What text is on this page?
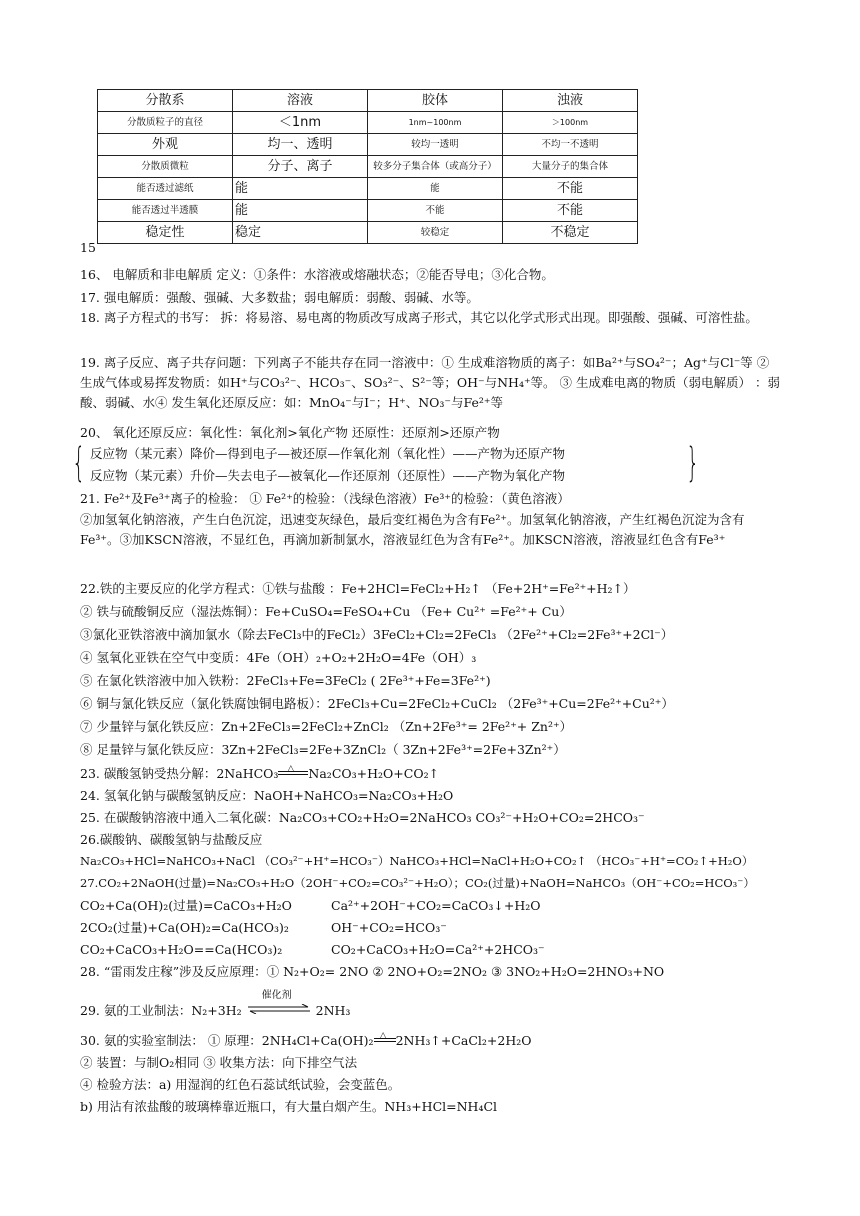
分散系	溶液	胶体	浊液
分散质粒子的直径	＜1nm	1nm~100nm	＞100nm
外观	均一、透明	较均一透明	不均一不透明
分散质微粒	分子、离子	较多分子集合体（或高分子）	大量分子的集合体
能否透过滤纸	能	能	不能
能否透过半透膜	能	不能	不能
稳定性	稳定	较稳定	不稳定
15
16、 电解质和非电解质 定义：①条件：水溶液或熔融状态；②能否导电；③化合物。
17. 强电解质：强酸、强碱、大多数盐；弱电解质：弱酸、弱碱、水等。
18. 离子方程式的书写： 拆：将易溶、易电离的物质改写成离子形式，其它以化学式形式出现。即强酸、强碱、可溶性盐。
19. 离子反应、离子共存问题：下列离子不能共存在同一溶液中：① 生成难溶物质的离子：如Ba²⁺与SO₄²⁻；Ag⁺与Cl⁻等 ② 生成气体或易挥发物质：如H⁺与CO₃²⁻、HCO₃⁻、SO₃²⁻、S²⁻等；OH⁻与NH₄⁺等。 ③ 生成难电离的物质（弱电解质） ：弱酸、弱碱、水④ 发生氧化还原反应：如：MnO₄⁻与I⁻；H⁺、NO₃⁻与Fe²⁺等
20、 氧化还原反应：氧化性：氧化剂>氧化产物 还原性：还原剂>还原产物
{ 反应物（某元素）降价—得到电子—被还原—作氧化剂（氧化性）——产物为还原产物
反应物（某元素）升价—失去电子—被氧化—作还原剂（还原性）——产物为氧化产物	}
21. Fe²⁺及Fe³⁺离子的检验： ① Fe²⁺的检验：（浅绿色溶液）Fe³⁺的检验：（黄色溶液）
②加氢氧化钠溶液，产生白色沉淀，迅速变灰绿色，最后变红褐色为含有Fe²⁺。加氢氧化钠溶液，产生红褐色沉淀为含有Fe³⁺。③加KSCN溶液，不显红色，再滴加新制氯水，溶液显红色为含有Fe²⁺。加KSCN溶液，溶液显红色含有Fe³⁺
22.铁的主要反应的化学方程式：①铁与盐酸 ：Fe+2HCl=FeCl₂+H₂↑ （Fe+2H⁺=Fe²⁺+H₂↑）
② 铁与硫酸铜反应（湿法炼铜）：Fe+CuSO₄=FeSO₄+Cu （Fe+ Cu²⁺ =Fe²⁺+ Cu）
③氯化亚铁溶液中滴加氯水（除去FeCl₃中的FeCl₂）3FeCl₂+Cl₂=2FeCl₃ （2Fe²⁺+Cl₂=2Fe³⁺+2Cl⁻）
④ 氢氧化亚铁在空气中变质：4Fe（OH）₂+O₂+2H₂O=4Fe（OH）₃
⑤ 在氯化铁溶液中加入铁粉：2FeCl₃+Fe=3FeCl₂ ( 2Fe³⁺+Fe=3Fe²⁺)
⑥ 铜与氯化铁反应（氯化铁腐蚀铜电路板）：2FeCl₃+Cu=2FeCl₂+CuCl₂ （2Fe³⁺+Cu=2Fe²⁺+Cu²⁺）
⑦ 少量锌与氯化铁反应：Zn+2FeCl₃=2FeCl₂+ZnCl₂ （Zn+2Fe³⁺= 2Fe²⁺+ Zn²⁺）
⑧ 足量锌与氯化铁反应：3Zn+2FeCl₃=2Fe+3ZnCl₂（ 3Zn+2Fe³⁺=2Fe+3Zn²⁺）
23. 碳酸氢钠受热分解：2NaHCO₃ △ Na₂CO₃+H₂O+CO₂↑
24. 氢氧化钠与碳酸氢钠反应：NaOH+NaHCO₃=Na₂CO₃+H₂O
25. 在碳酸钠溶液中通入二氧化碳：Na₂CO₃+CO₂+H₂O=2NaHCO₃ CO₃²⁻+H₂O+CO₂=2HCO₃⁻
26.碳酸钠、碳酸氢钠与盐酸反应
Na₂CO₃+HCl=NaHCO₃+NaCl （CO₃²⁻+H⁺=HCO₃⁻）NaHCO₃+HCl=NaCl+H₂O+CO₂↑ （HCO₃⁻+H⁺=CO₂↑+H₂O）
27.CO₂+2NaOH(过量)=Na₂CO₃+H₂O（2OH⁻+CO₂=CO₃²⁻+H₂O）；CO₂(过量)+NaOH=NaHCO₃（OH⁻+CO₂=HCO₃⁻）
CO₂+Ca(OH)₂(过量)=CaCO₃+H₂O	Ca²⁺+2OH⁻+CO₂=CaCO₃↓+H₂O
2CO₂(过量)+Ca(OH)₂=Ca(HCO₃)₂	OH⁻+CO₂=HCO₃⁻
CO₂+CaCO₃+H₂O==Ca(HCO₃)₂	CO₂+CaCO₃+H₂O=Ca²⁺+2HCO₃⁻
28. “雷雨发庄稼”涉及反应原理：① N₂+O₂= 2NO ② 2NO+O₂=2NO₂ ③ 3NO₂+H₂O=2HNO₃+NO
29. 氨的工业制法：N₂+3H₂
催化剂
2NH₃
30. 氨的实验室制法： ① 原理：2NH₄Cl+Ca(OH)₂ △ 2NH₃↑+CaCl₂+2H₂O
② 装置：与制O₂相同 ③ 收集方法：向下排空气法
④ 检验方法：a) 用湿润的红色石蕊试纸试验，会变蓝色。
b) 用沾有浓盐酸的玻璃棒靠近瓶口，有大量白烟产生。NH₃+HCl=NH₄Cl
